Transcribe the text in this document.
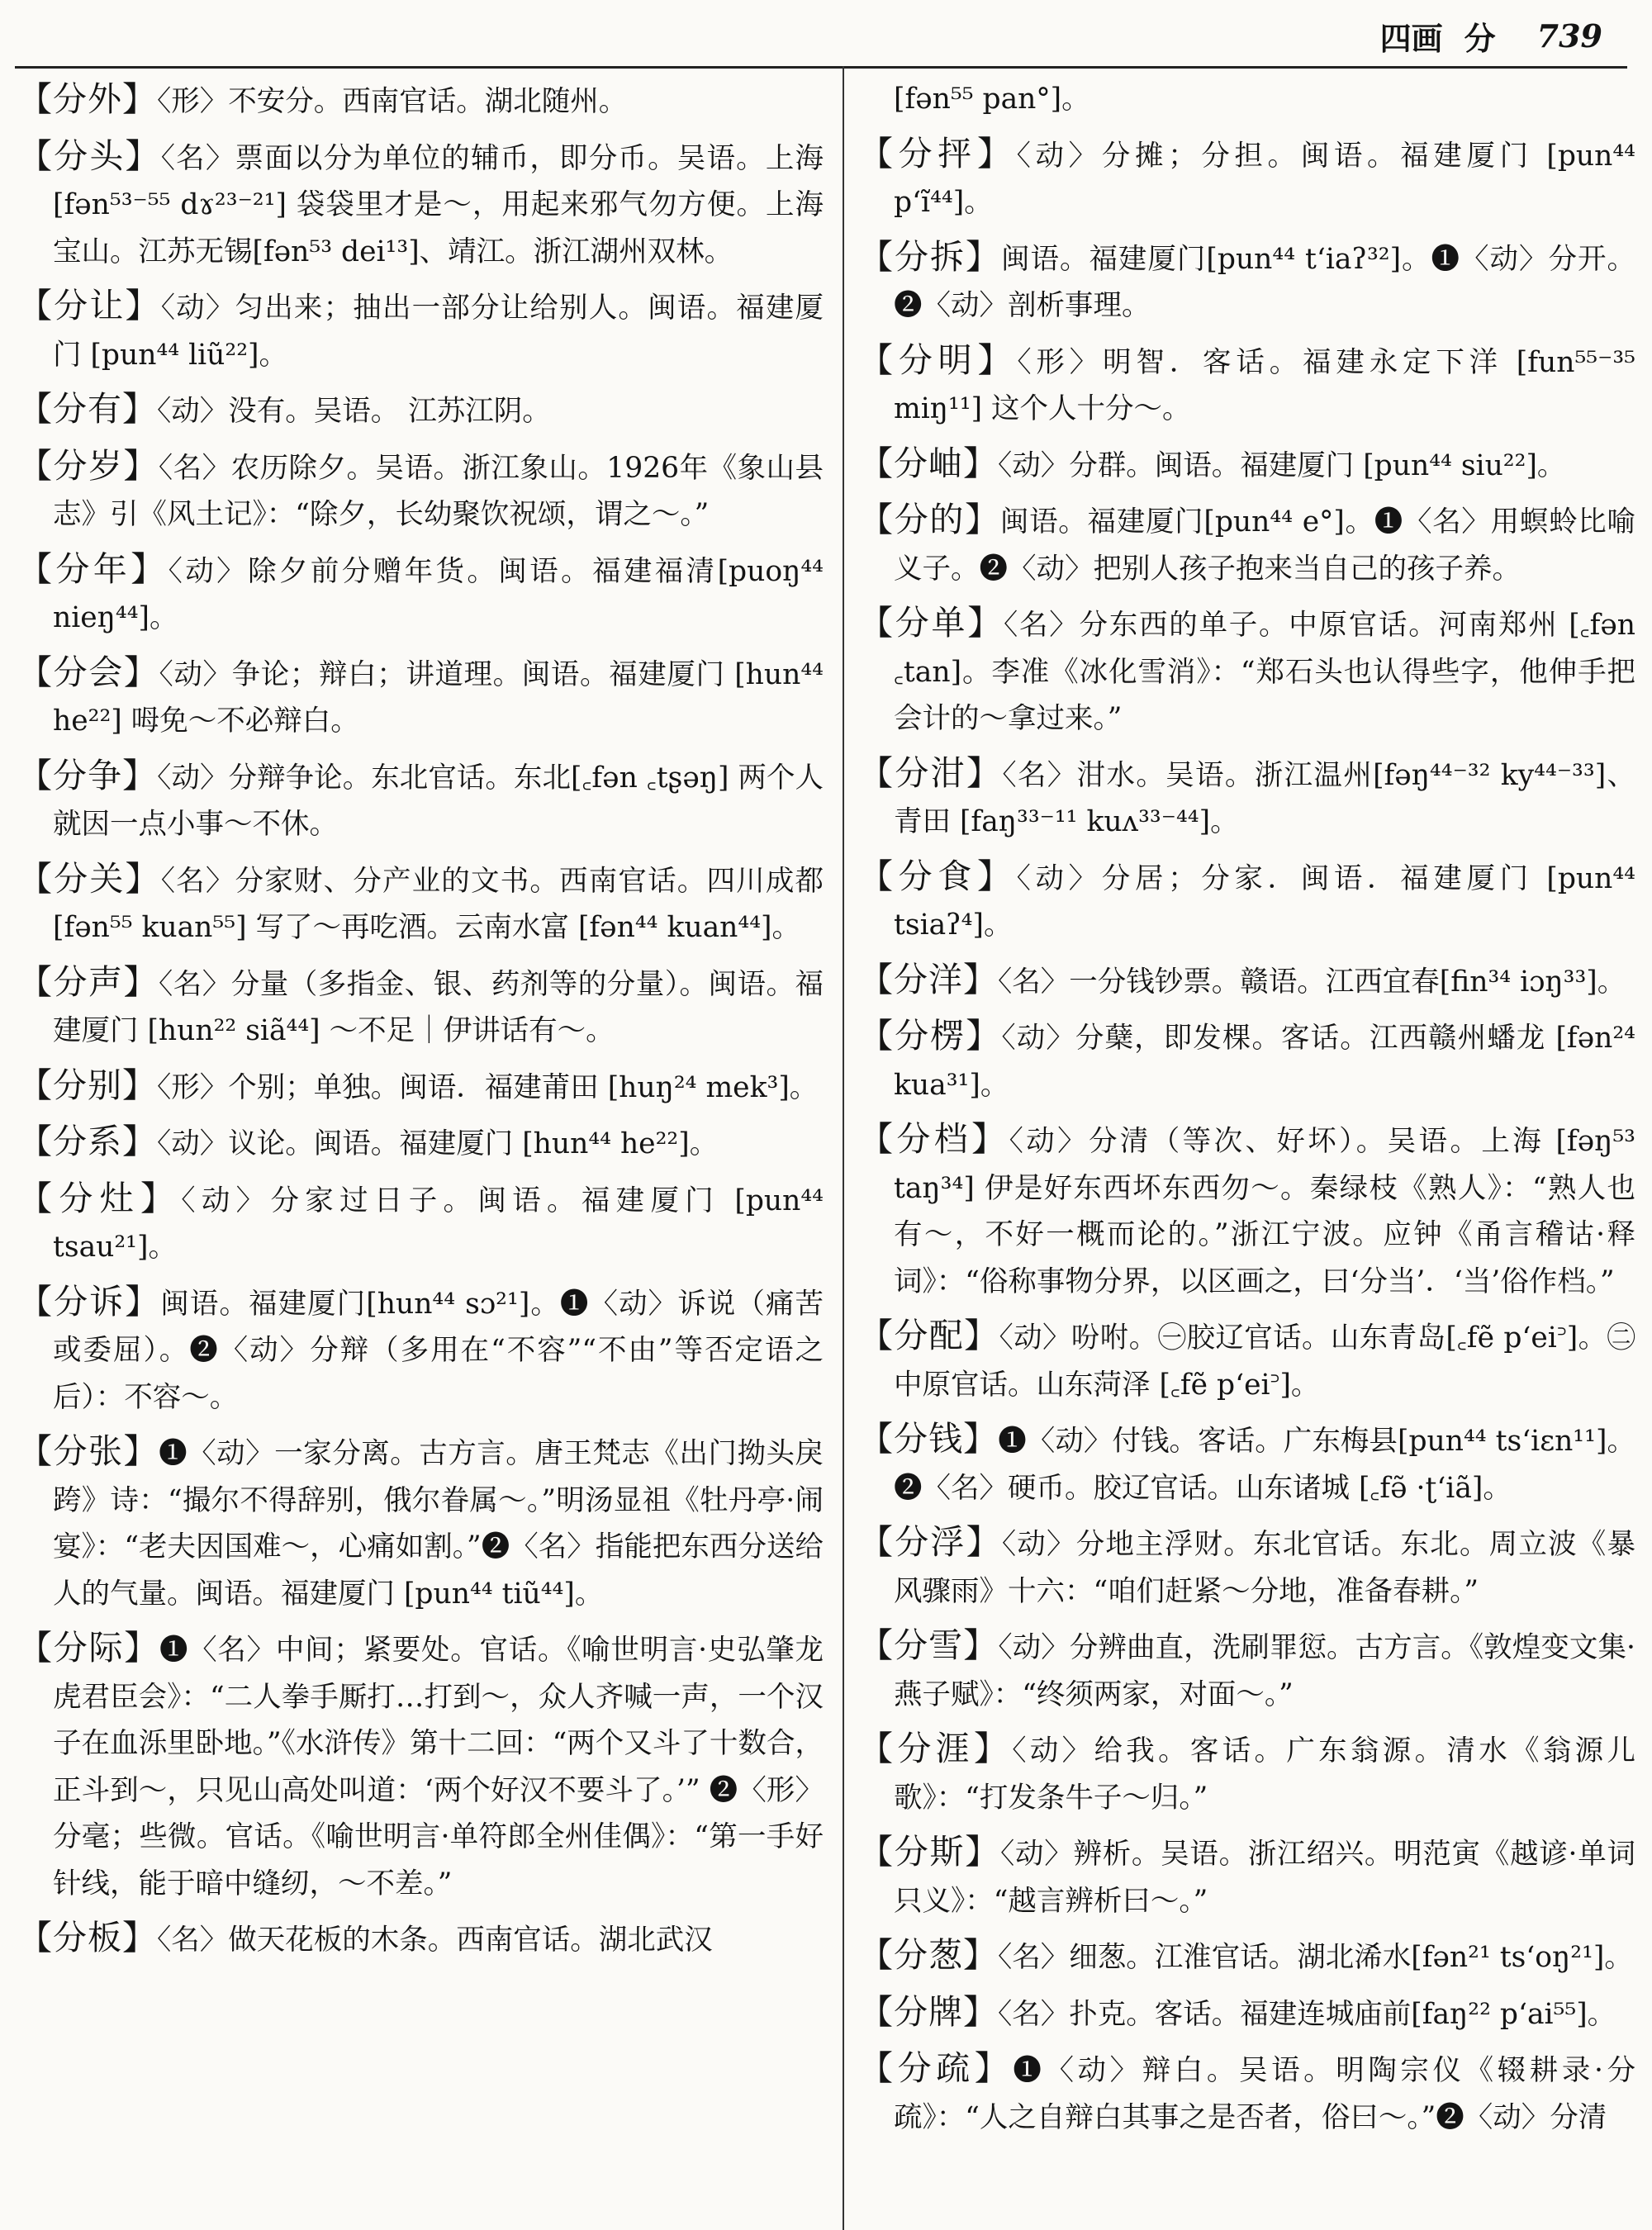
四画 分 739
【分外】〈形〉不安分。西南官话。湖北随州。
【分头】〈名〉票面以分为单位的辅币，即分币。吴语。上海 [fən⁵³⁻⁵⁵ dɤ²³⁻²¹] 袋袋里才是～，用起来邪气勿方便。上海宝山。江苏无锡[fən⁵³ dei¹³]、靖江。浙江湖州双林。
【分让】〈动〉匀出来；抽出一部分让给别人。闽语。福建厦门 [pun⁴⁴ liũ²²]。
【分有】〈动〉没有。吴语。 江苏江阴。
【分岁】〈名〉农历除夕。吴语。浙江象山。1926年《象山县志》引《风土记》：“除夕，长幼聚饮祝颂，谓之～。”
【分年】〈动〉除夕前分赠年货。闽语。福建福清[puoŋ⁴⁴ nieŋ⁴⁴]。
【分会】〈动〉争论；辩白；讲道理。闽语。福建厦门 [hun⁴⁴ he²²] 呣免～不必辩白。
【分争】〈动〉分辩争论。东北官话。东北[꜀fən ꜀tʂəŋ] 两个人就因一点小事～不休。
【分关】〈名〉分家财、分产业的文书。西南官话。四川成都 [fən⁵⁵ kuan⁵⁵] 写了～再吃酒。云南水富 [fən⁴⁴ kuan⁴⁴]。
【分声】〈名〉分量（多指金、银、药剂等的分量）。闽语。福建厦门 [hun²² siã⁴⁴] ～不足｜伊讲话有～。
【分别】〈形〉个别；单独。闽语．福建莆田 [huŋ²⁴ mek³]。
【分系】〈动〉议论。闽语。福建厦门 [hun⁴⁴ he²²]。
【分灶】〈动〉分家过日子。闽语。福建厦门 [pun⁴⁴ tsau²¹]。
【分诉】闽语。福建厦门[hun⁴⁴ sɔ²¹]。❶〈动〉诉说（痛苦或委屈）。❷〈动〉分辩（多用在“不容”“不由”等否定语之后）：不容～。
【分张】❶〈动〉一家分离。古方言。唐王梵志《出门拗头戾跨》诗：“撮尔不得辞别，俄尔眷属～。”明汤显祖《牡丹亭·闹宴》：“老夫因国难～，心痛如割。”❷〈名〉指能把东西分送给人的气量。闽语。福建厦门 [pun⁴⁴ tiũ⁴⁴]。
【分际】❶〈名〉中间；紧要处。官话。《喻世明言·史弘肇龙虎君臣会》：“二人拳手厮打…打到～，众人齐喊一声，一个汉子在血泺里卧地。”《水浒传》第十二回：“两个又斗了十数合，正斗到～，只见山高处叫道：‘两个好汉不要斗了。’” ❷〈形〉分毫；些微。官话。《喻世明言·单符郎全州佳偶》：“第一手好针线，能于暗中缝纫，～不差。”
【分板】〈名〉做天花板的木条。西南官话。湖北武汉
[fən⁵⁵ pan°]。
【分抨】〈动〉分摊；分担。闽语。福建厦门 [pun⁴⁴ pʻĩ⁴⁴]。
【分拆】闽语。福建厦门[pun⁴⁴ tʻiaʔ³²]。❶〈动〉分开。❷〈动〉剖析事理。
【分明】〈形〉明智．客话。福建永定下洋 [fun⁵⁵⁻³⁵ miŋ¹¹] 这个人十分～。
【分岫】〈动〉分群。闽语。福建厦门 [pun⁴⁴ siu²²]。
【分的】闽语。福建厦门[pun⁴⁴ e°]。❶〈名〉用螟蛉比喻义子。❷〈动〉把别人孩子抱来当自己的孩子养。
【分单】〈名〉分东西的单子。中原官话。河南郑州 [꜀fən ꜀tan]。李准《冰化雪消》：“郑石头也认得些字，他伸手把会计的～拿过来。”
【分泔】〈名〉泔水。吴语。浙江温州[fəŋ⁴⁴⁻³² ky⁴⁴⁻³³]、青田 [faŋ³³⁻¹¹ kuʌ³³⁻⁴⁴]。
【分食】〈动〉分居；分家．闽语．福建厦门 [pun⁴⁴ tsiaʔ⁴]。
【分洋】〈名〉一分钱钞票。赣语。江西宜春[fin³⁴ iɔŋ³³]。
【分楞】〈动〉分蘖，即发棵。客话。江西赣州蟠龙 [fən²⁴ kua³¹]。
【分档】〈动〉分清（等次、好坏）。吴语。上海 [fəŋ⁵³ taŋ³⁴] 伊是好东西坏东西勿～。秦绿枝《熟人》：“熟人也有～，不好一概而论的。”浙江宁波。应钟《甬言稽诂·释词》：“俗称事物分界，以区画之，曰‘分当’．‘当’俗作档。”
【分配】〈动〉吩咐。㊀胶辽官话。山东青岛[꜀fẽ pʻei꜄]。㊁中原官话。山东菏泽 [꜀fẽ pʻei꜄]。
【分钱】❶〈动〉付钱。客话。广东梅县[pun⁴⁴ tsʻiɛn¹¹]。❷〈名〉硬币。胶辽官话。山东诸城 [꜀fə̃ ·ʈʻiã]。
【分浮】〈动〉分地主浮财。东北官话。东北。周立波《暴风骤雨》十六：“咱们赶紧～分地，准备春耕。”
【分雪】〈动〉分辨曲直，洗刷罪愆。古方言。《敦煌变文集·燕子赋》：“终须两家，对面～。”
【分涯】〈动〉给我。客话。广东翁源。清水《翁源儿歌》：“打发条牛子～归。”
【分斯】〈动〉辨析。吴语。浙江绍兴。明范寅《越谚·单词只义》：“越言辨析曰～。”
【分葱】〈名〉细葱。江淮官话。湖北浠水[fən²¹ tsʻoŋ²¹]。
【分牌】〈名〉扑克。客话。福建连城庙前[faŋ²² pʻai⁵⁵]。
【分疏】❶〈动〉辩白。吴语。明陶宗仪《辍耕录·分疏》：“人之自辩白其事之是否者，俗曰～。”❷〈动〉分清
